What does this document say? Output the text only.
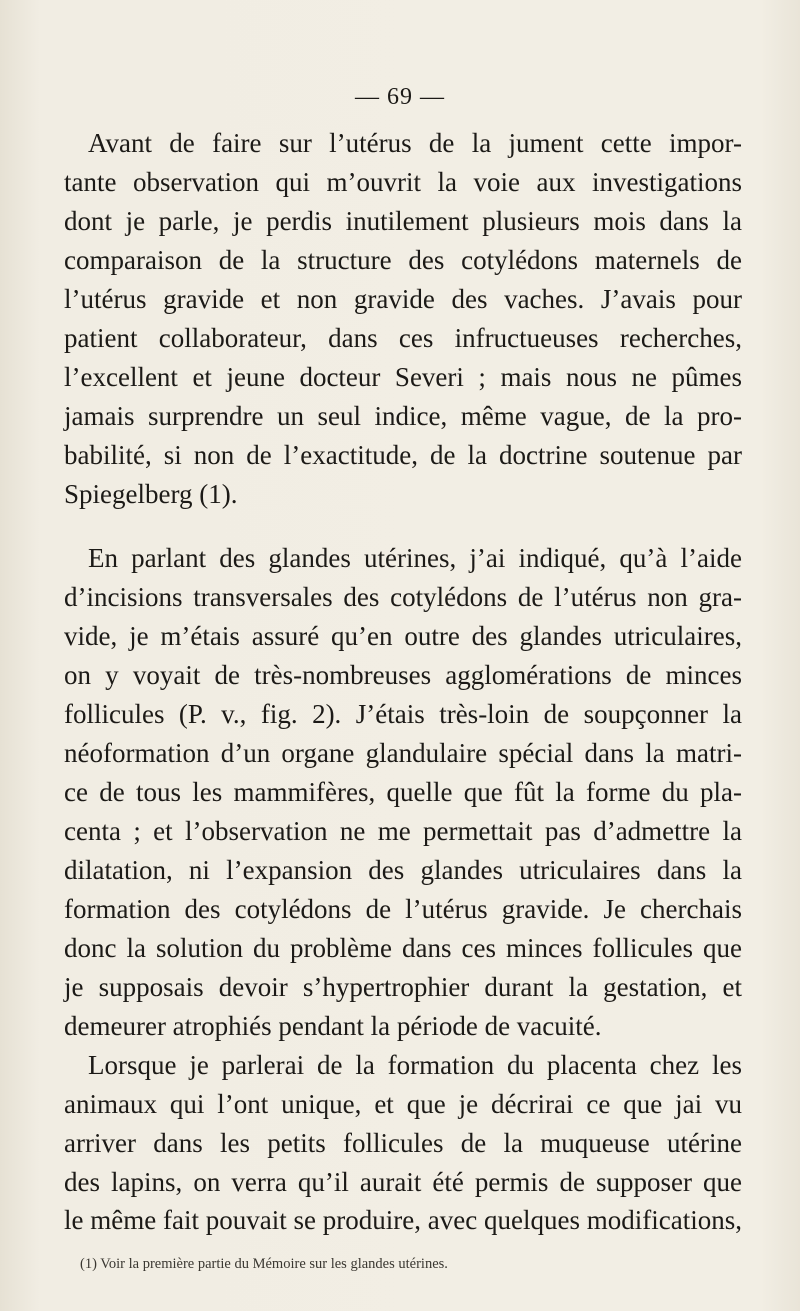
— 69 —
Avant de faire sur l’utérus de la jument cette impor-
tante observation qui m’ouvrit la voie aux investigations
dont je parle, je perdis inutilement plusieurs mois dans la
comparaison de la structure des cotylédons maternels de
l’utérus gravide et non gravide des vaches. J’avais pour
patient collaborateur, dans ces infructueuses recherches,
l’excellent et jeune docteur Severi ; mais nous ne pûmes
jamais surprendre un seul indice, même vague, de la pro-
babilité, si non de l’exactitude, de la doctrine soutenue par
Spiegelberg (1).
En parlant des glandes utérines, j’ai indiqué, qu’à l’aide
d’incisions transversales des cotylédons de l’utérus non gra-
vide, je m’étais assuré qu’en outre des glandes utriculaires,
on y voyait de très-nombreuses agglomérations de minces
follicules (P. v., fig. 2). J’étais très-loin de soupçonner la
néoformation d’un organe glandulaire spécial dans la matri-
ce de tous les mammifères, quelle que fût la forme du pla-
centa ; et l’observation ne me permettait pas d’admettre la
dilatation, ni l’expansion des glandes utriculaires dans la
formation des cotylédons de l’utérus gravide. Je cherchais
donc la solution du problème dans ces minces follicules que
je supposais devoir s’hypertrophier durant la gestation, et
demeurer atrophiés pendant la période de vacuité.
Lorsque je parlerai de la formation du placenta chez les
animaux qui l’ont unique, et que je décrirai ce que jai vu
arriver dans les petits follicules de la muqueuse utérine
des lapins, on verra qu’il aurait été permis de supposer que
le même fait pouvait se produire, avec quelques modifications,
(1) Voir la première partie du Mémoire sur les glandes utérines.
